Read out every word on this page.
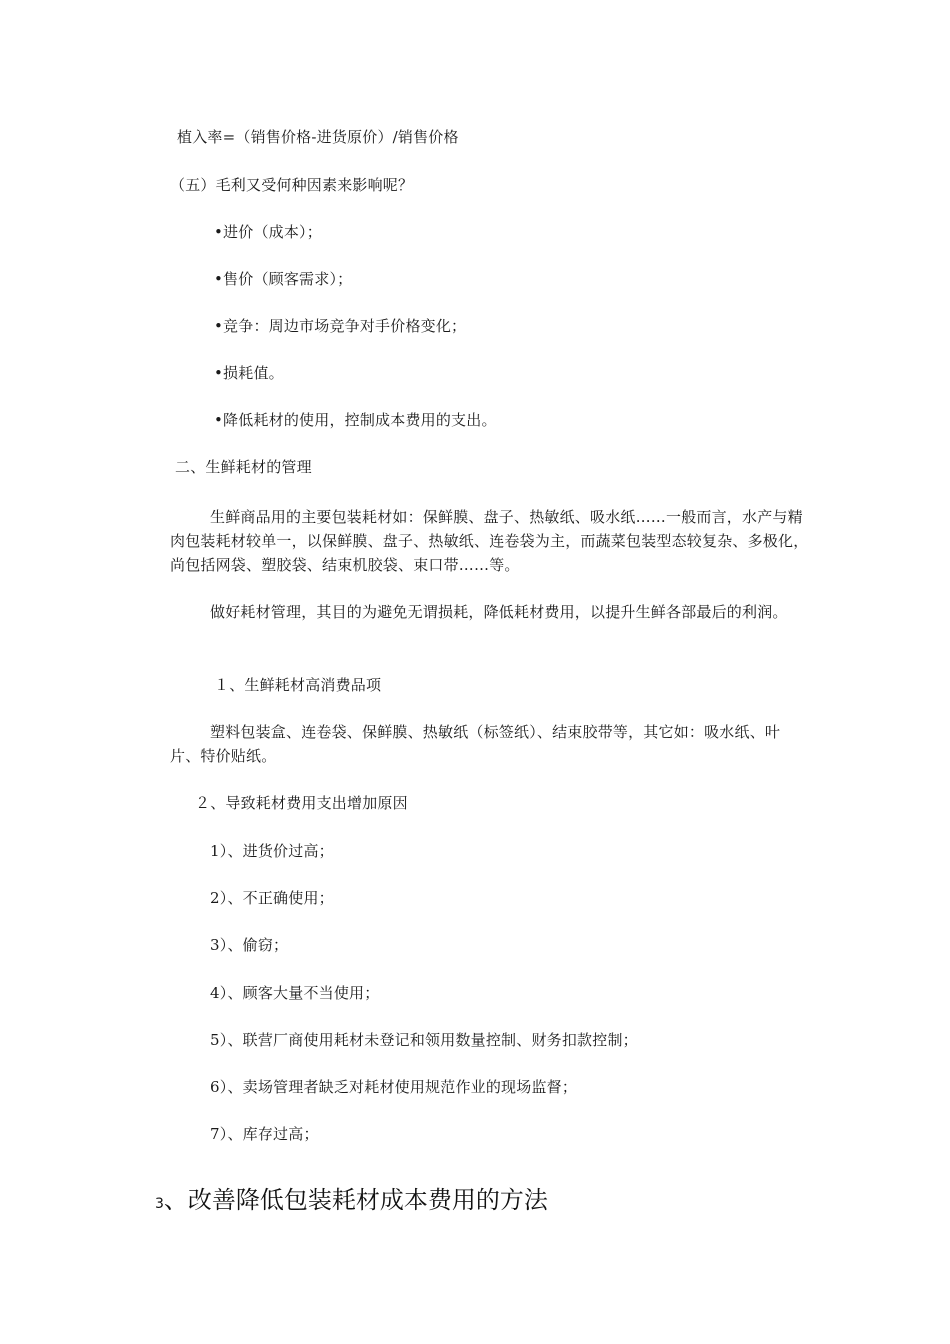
植入率=（销售价格-进货原价）/销售价格
（五）毛利又受何种因素来影响呢？
•进价（成本）；
•售价（顾客需求）；
•竞争：周边市场竞争对手价格变化；
•损耗值。
•降低耗材的使用，控制成本费用的支出。
二、生鲜耗材的管理
生鲜商品用的主要包装耗材如：保鲜膜、盘子、热敏纸、吸水纸……一般而言，水产与精肉包装耗材较单一，以保鲜膜、盘子、热敏纸、连卷袋为主，而蔬菜包装型态较复杂、多极化，尚包括网袋、塑胶袋、结束机胶袋、束口带……等。
做好耗材管理，其目的为避免无谓损耗，降低耗材费用，以提升生鲜各部最后的利润。
１、生鲜耗材高消费品项
塑料包装盒、连卷袋、保鲜膜、热敏纸（标签纸）、结束胶带等，其它如：吸水纸、叶片、特价贴纸。
２、导致耗材费用支出增加原因
1）、进货价过高；
2）、不正确使用；
3）、偷窃；
4）、顾客大量不当使用；
5）、联营厂商使用耗材未登记和领用数量控制、财务扣款控制；
6）、卖场管理者缺乏对耗材使用规范作业的现场监督；
7）、库存过高；
3、改善降低包装耗材成本费用的方法
